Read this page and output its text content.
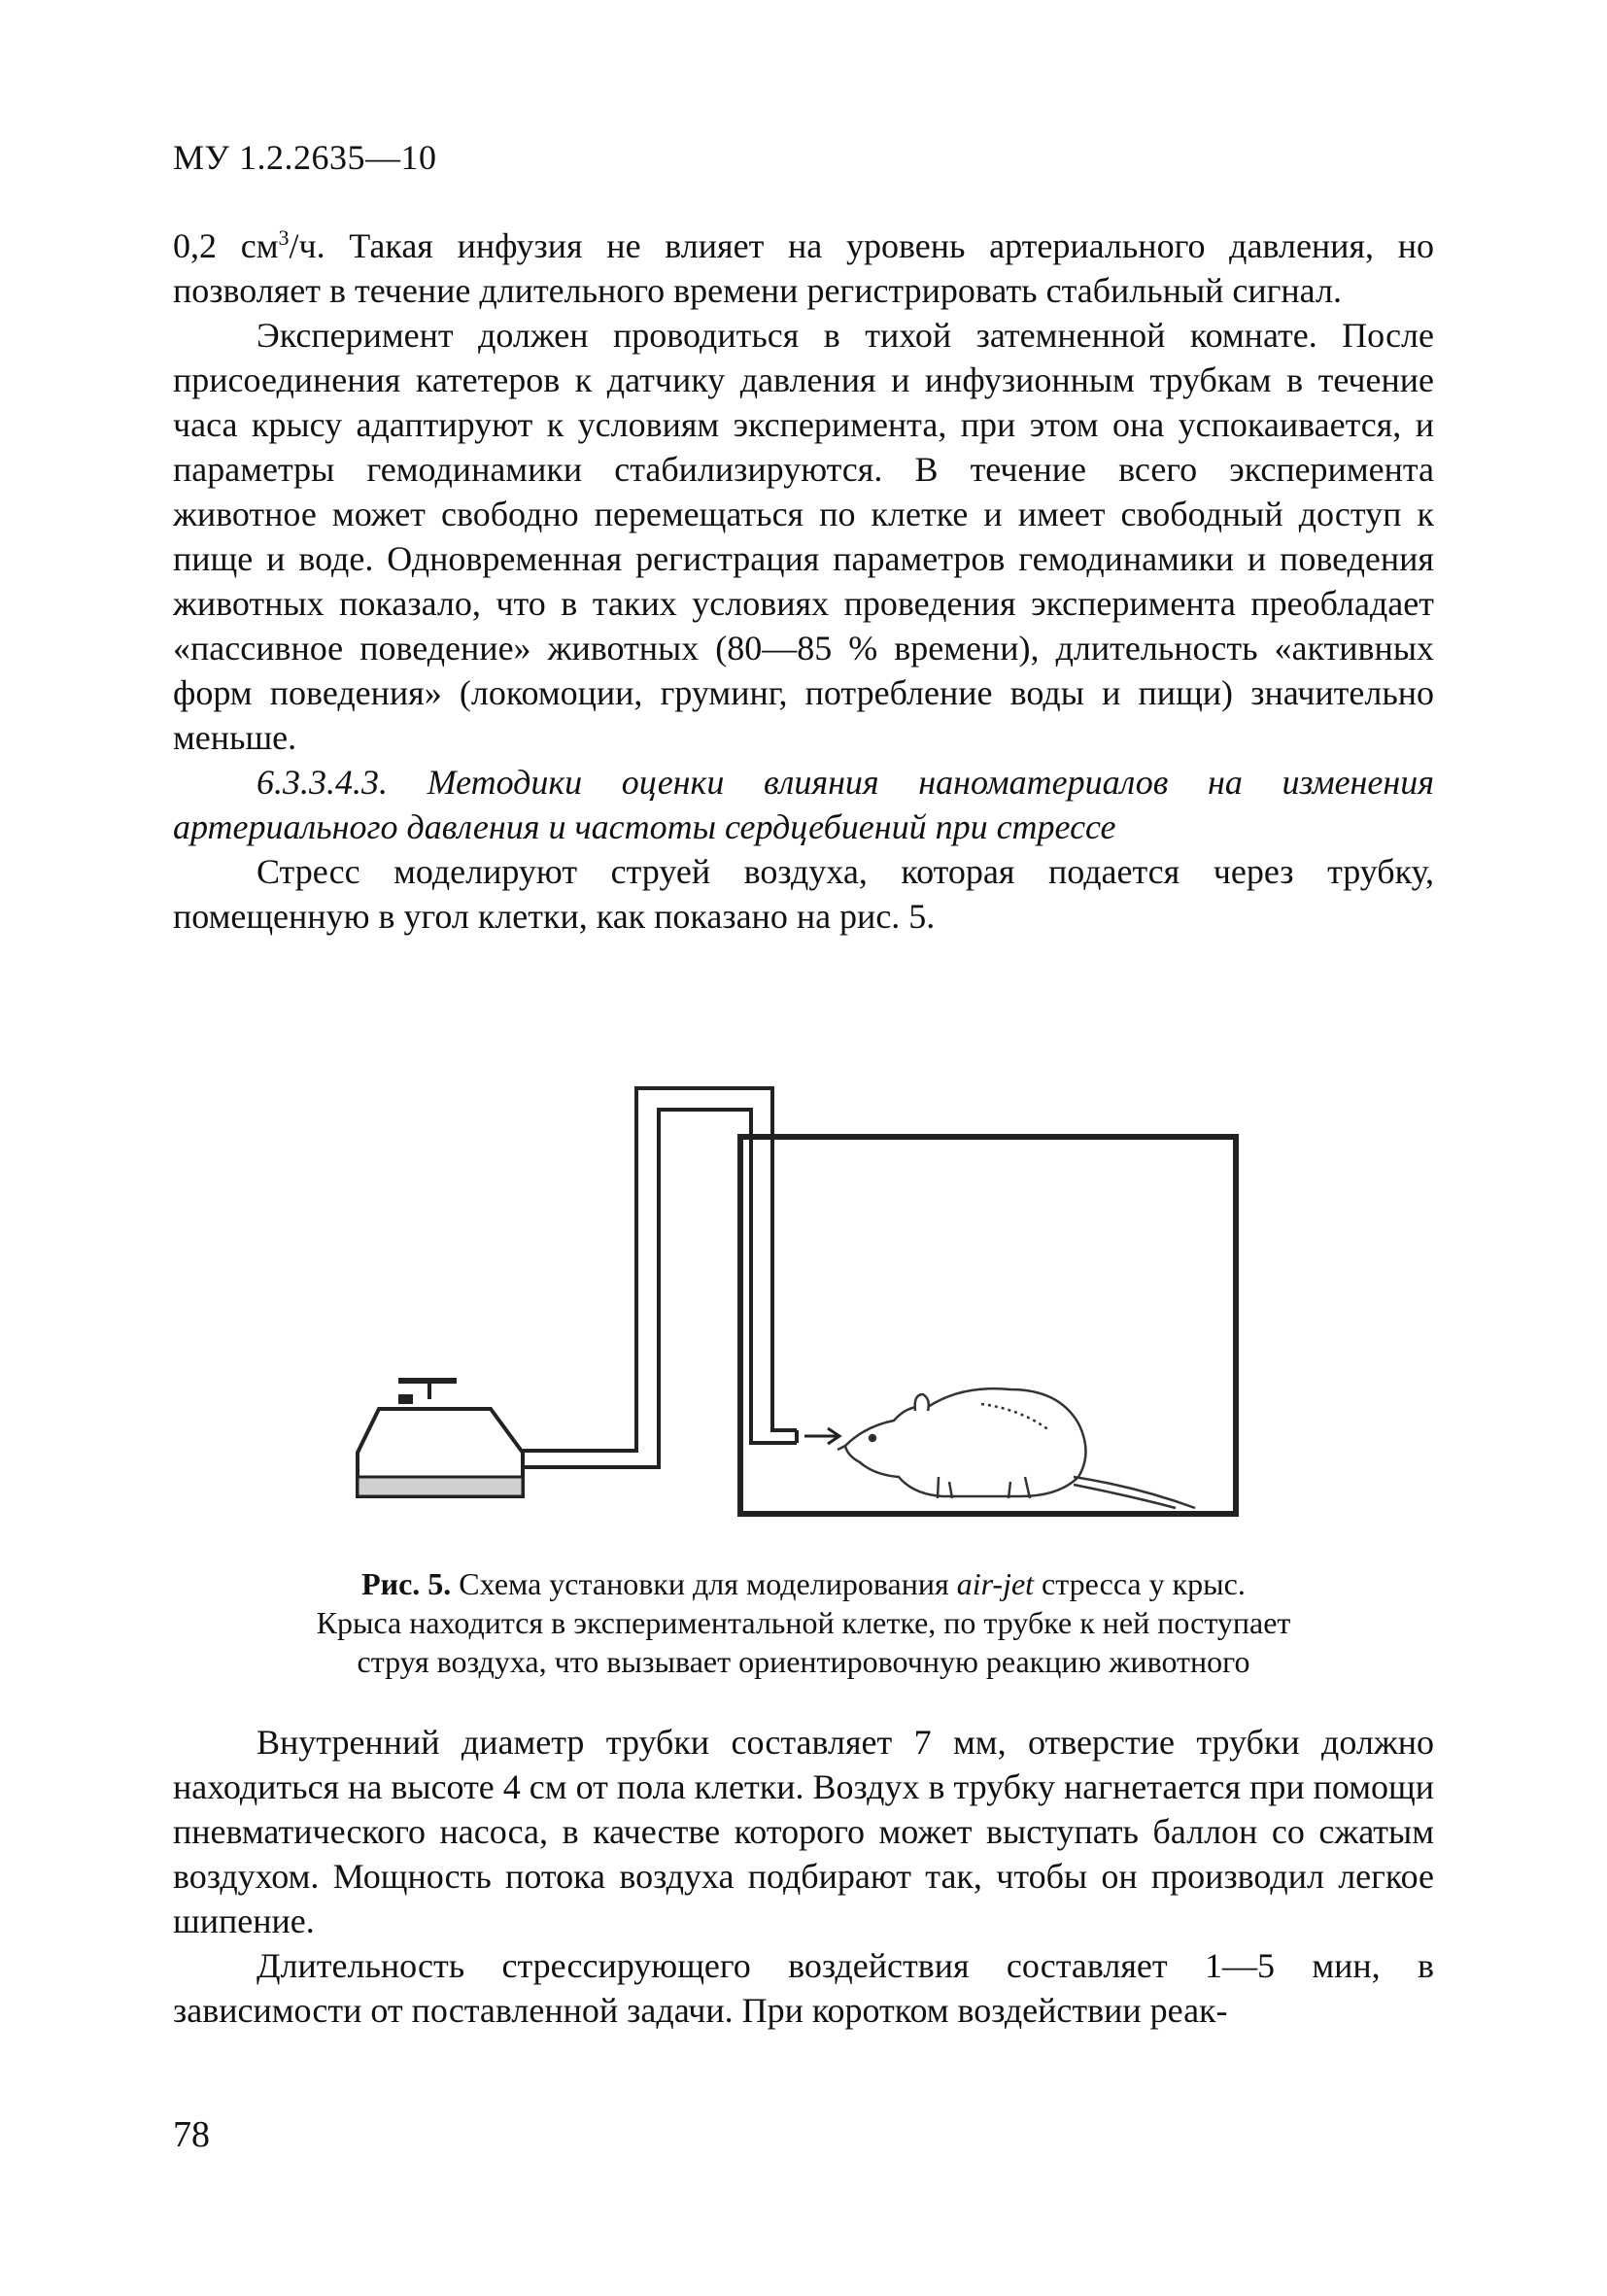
МУ 1.2.2635—10

0,2 $см^3/ч$. Такая инфузия не влияет на уровень артериального давления, но позволяет в течение длительного времени регистрировать стабильный сигнал.

Эксперимент должен проводиться в тихой затемненной комнате. После присоединения катетеров к датчику давления и инфузионным трубкам в течение часа крысу адаптируют к условиям эксперимента, при этом она успокаивается, и параметры гемодинамики стабилизируются. В течение всего эксперимента животное может свободно перемещаться по клетке и имеет свободный доступ к пище и воде. Одновременная регистрация параметров гемодинамики и поведения животных показало, что в таких условиях проведения эксперимента преобладает «пассивное поведение» животных (80—85 % времени), длительность «активных форм поведения» (локомоции, груминг, потребление воды и пищи) значительно меньше.

6.3.3.4.3. Методики оценки влияния наноматериалов на изменения артериального давления и частоты сердцебиений при стрессе

Стресс моделируют струей воздуха, которая подается через трубку, помещенную в угол клетки, как показано на рис. 5.

Рис. 5. Схема установки для моделирования air-jet стресса у крыс.
Крыса находится в экспериментальной клетке, по трубке к ней поступает
струя воздуха, что вызывает ориентировочную реакцию животного

Внутренний диаметр трубки составляет 7 мм, отверстие трубки должно находиться на высоте 4 см от пола клетки. Воздух в трубку нагнетается при помощи пневматического насоса, в качестве которого может выступать баллон со сжатым воздухом. Мощность потока воздуха подбирают так, чтобы он производил легкое шипение.

Длительность стрессирующего воздействия составляет 1—5 мин, в зависимости от поставленной задачи. При коротком воздействии реак-

78
